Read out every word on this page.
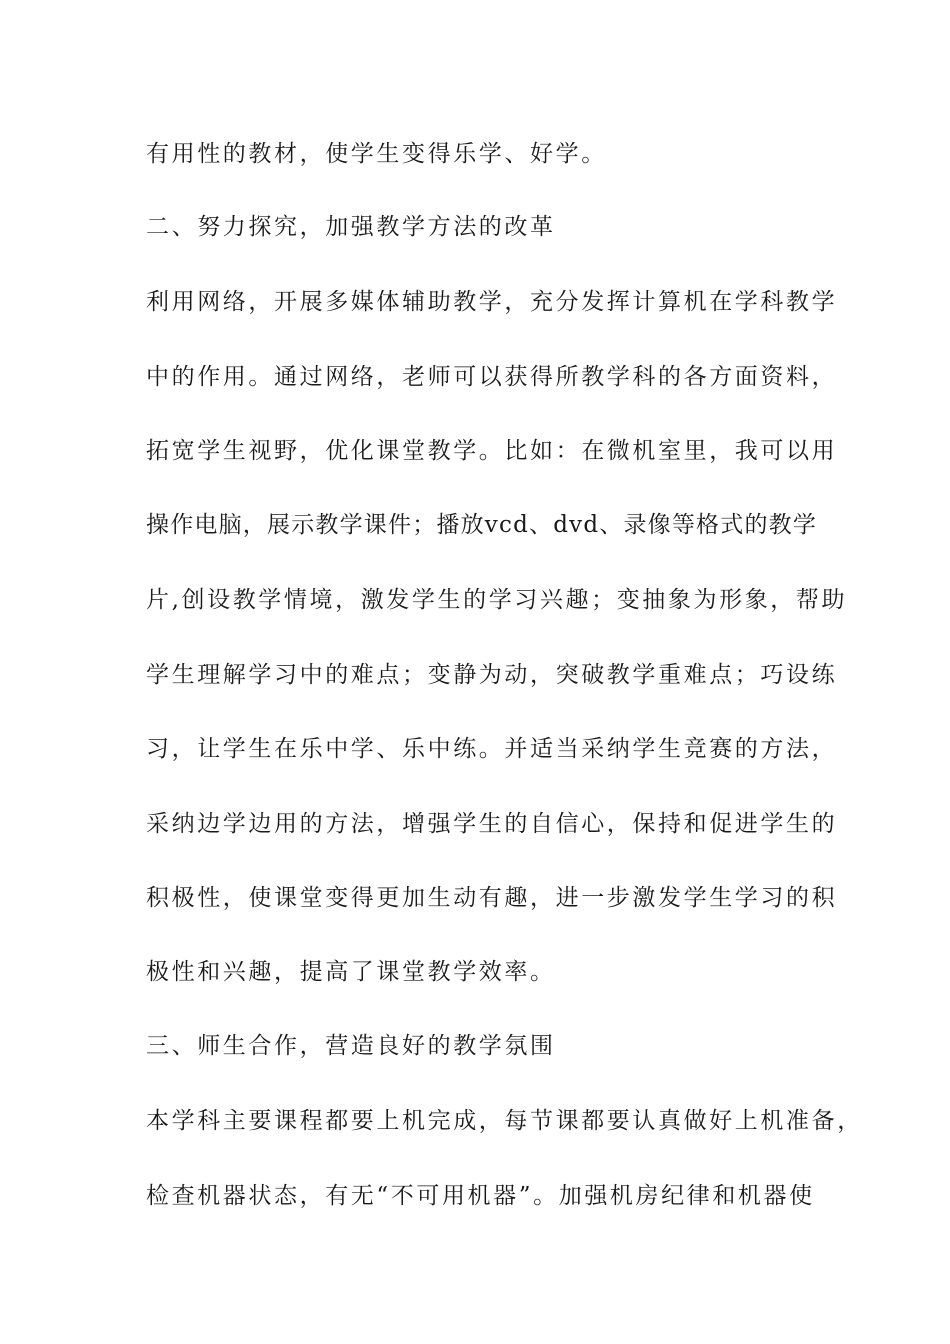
有用性的教材，使学生变得乐学、好学。
二、努力探究，加强教学方法的改革
利用网络，开展多媒体辅助教学，充分发挥计算机在学科教学
中的作用。通过网络，老师可以获得所教学科的各方面资料，
拓宽学生视野，优化课堂教学。比如：在微机室里，我可以用
操作电脑，展示教学课件；播放vcd、dvd、录像等格式的教学
片,创设教学情境，激发学生的学习兴趣；变抽象为形象，帮助
学生理解学习中的难点；变静为动，突破教学重难点；巧设练
习，让学生在乐中学、乐中练。并适当采纳学生竞赛的方法，
采纳边学边用的方法，增强学生的自信心，保持和促进学生的
积极性，使课堂变得更加生动有趣，进一步激发学生学习的积
极性和兴趣，提高了课堂教学效率。
三、师生合作，营造良好的教学氛围
本学科主要课程都要上机完成，每节课都要认真做好上机准备，
检查机器状态，有无“不可用机器”。加强机房纪律和机器使
